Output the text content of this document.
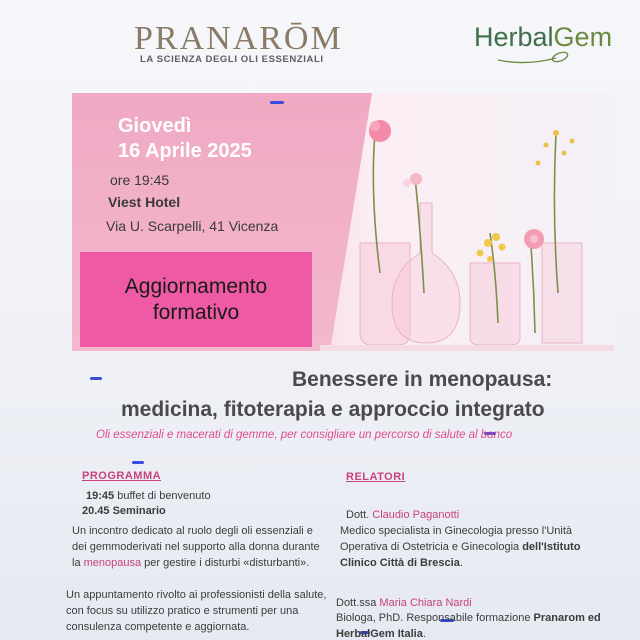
PRANARŌM
LA SCIENZA DEGLI OLI ESSENZIALI
HerbalGem
Giovedì
16 Aprile 2025
ore 19:45
Viest Hotel
Via U. Scarpelli, 41 Vicenza
Aggiornamento formativo
Benessere in menopausa:
medicina, fitoterapia e approccio integrato
Oli essenziali e macerati di gemme, per consigliare un percorso di salute al banco
PROGRAMMA
19:45 buffet di benvenuto
20.45 Seminario
Un incontro dedicato al ruolo degli oli essenziali e dei gemmoderivati nel supporto alla donna durante la menopausa per gestire i disturbi «disturbanti».
Un appuntamento rivolto ai professionisti della salute, con focus su utilizzo pratico e strumenti per una consulenza competente e aggiornata.
RELATORI
Dott. Claudio Paganotti
Medico specialista in Ginecologia presso l'Unità Operativa di Ostetricia e Ginecologia dell'Istituto Clinico Città di Brescia.
Dott.ssa Maria Chiara Nardi
Biologa, PhD. Responsabile formazione Pranarom ed HerbalGem Italia.
